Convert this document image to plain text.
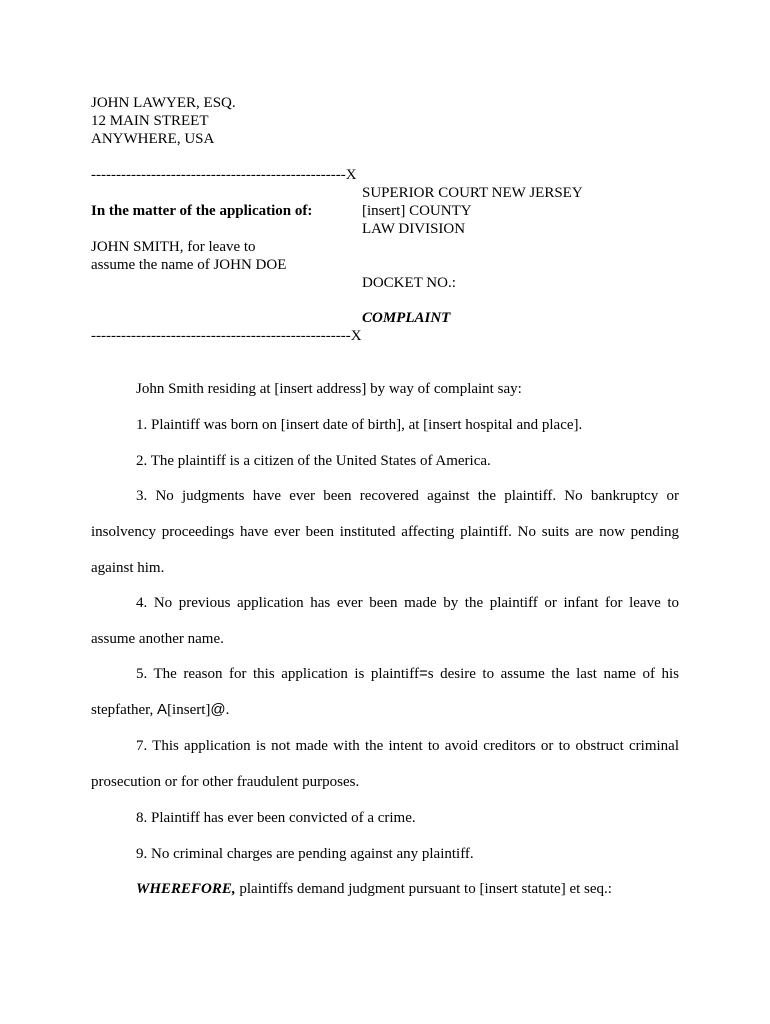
JOHN LAWYER, ESQ.
12 MAIN STREET
ANYWHERE, USA
---------------------------------------------------X
SUPERIOR COURT NEW JERSEY
In the matter of the application of:	[insert] COUNTY
LAW DIVISION
JOHN SMITH, for leave to
assume the name of JOHN DOE
DOCKET NO.:
COMPLAINT
----------------------------------------------------X
John Smith residing at [insert address] by way of complaint say:
1. Plaintiff was born on [insert date of birth], at [insert hospital and place].
2. The plaintiff is a citizen of the United States of America.
3. No judgments have ever been recovered against the plaintiff. No bankruptcy or insolvency proceedings have ever been instituted affecting plaintiff. No suits are now pending against him.
4. No previous application has ever been made by the plaintiff or infant for leave to assume another name.
5. The reason for this application is plaintiff=s desire to assume the last name of his stepfather, A[insert]@.
7. This application is not made with the intent to avoid creditors or to obstruct criminal prosecution or for other fraudulent purposes.
8. Plaintiff has ever been convicted of a crime.
9. No criminal charges are pending against any plaintiff.
WHEREFORE, plaintiffs demand judgment pursuant to [insert statute] et seq.:
